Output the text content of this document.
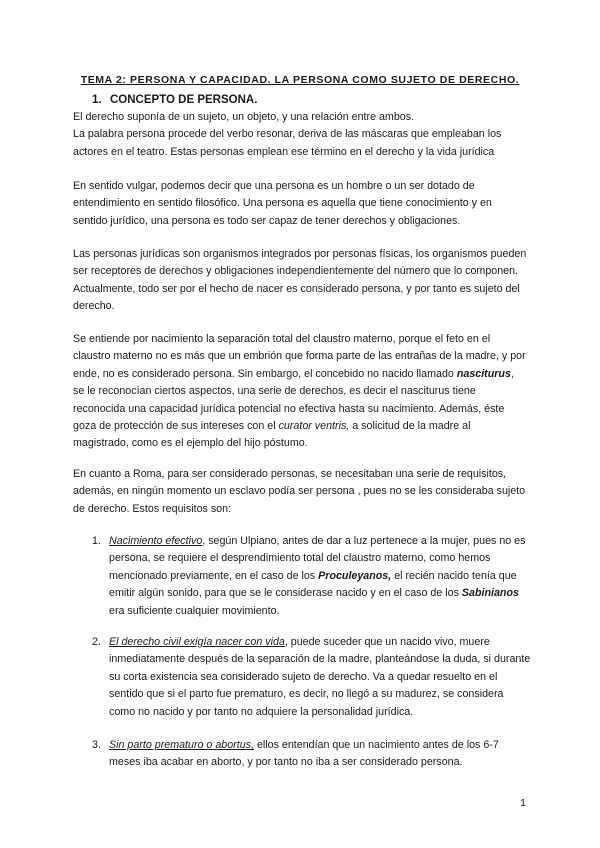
TEMA 2: PERSONA Y CAPACIDAD. LA PERSONA COMO SUJETO DE DERECHO.
1. CONCEPTO DE PERSONA.

El derecho suponía de un sujeto, un objeto, y una relación entre ambos.
La palabra persona procede del verbo resonar, deriva de las máscaras que empleaban los actores en el teatro. Estas personas emplean ese término en el derecho y la vida jurídica

En sentido vulgar, podemos decir que una persona es un hombre o un ser dotado de entendimiento en sentido filosófico. Una persona es aquella que tiene conocimiento y en sentido jurídico, una persona es todo ser capaz de tener derechos y obligaciones.

Las personas jurídicas son organismos integrados por personas físicas, los organismos pueden ser receptores de derechos y obligaciones independientemente del número que lo componen. Actualmente, todo ser por el hecho de nacer es considerado persona, y por tanto es sujeto del derecho.

Se entiende por nacimiento la separación total del claustro materno, porque el feto en el claustro materno no es más que un embrión que forma parte de las entrañas de la madre, y por ende, no es considerado persona. Sin embargo, el concebido no nacido llamado nasciturus, se le reconocían ciertos aspectos, una serie de derechos, es decir el nasciturus tiene reconocida una capacidad jurídica potencial no efectiva hasta su nacimiento. Además, éste goza de protección de sus intereses con el curator ventris, a solicitud de la madre al magistrado, como es el ejemplo del hijo póstumo.

En cuanto a Roma, para ser considerado personas, se necesitaban una serie de requisitos, además, en ningún momento un esclavo podía ser persona , pues no se les consideraba sujeto de derecho. Estos requisitos son:

1. Nacimiento efectivo, según Ulpiano, antes de dar a luz pertenece a la mujer, pues no es persona, se requiere el desprendimiento total del claustro materno, como hemos mencionado previamente, en el caso de los Proculeyanos, el recién nacido tenía que emitir algún sonido, para que se le considerase nacido y en el caso de los Sabinianos era suficiente cualquier movimiento.
2. El derecho civil exigía nacer con vida, puede suceder que un nacido vivo, muere inmediatamente después de la separación de la madre, planteándose la duda, si durante su corta existencia sea considerado sujeto de derecho. Va a quedar resuelto en el sentido que si el parto fue prematuro, es decir, no llegó a su madurez, se considera como no nacido y por tanto no adquiere la personalidad jurídica.
3. Sin parto prematuro o abortus, ellos entendían que un nacimiento antes de los 6-7 meses iba acabar en aborto, y por tanto no iba a ser considerado persona.
1
